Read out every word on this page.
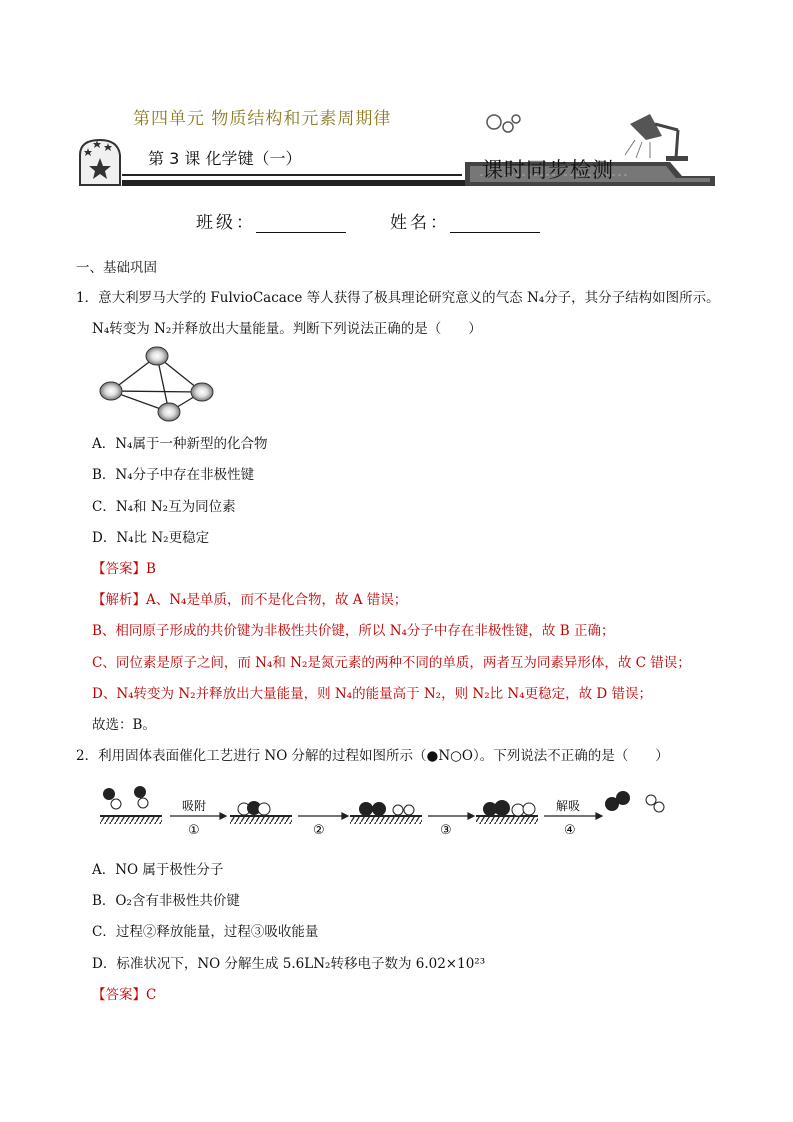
第四单元 物质结构和元素周期律
第 3 课 化学键（一）	课时同步检测
班级：	姓名：
一、基础巩固
1．意大利罗马大学的 FulvioCacace 等人获得了极具理论研究意义的气态 N₄分子，其分子结构如图所示。
N₄转变为 N₂并释放出大量能量。判断下列说法正确的是（　　）
A．N₄属于一种新型的化合物
B．N₄分子中存在非极性键
C．N₄和 N₂互为同位素
D．N₄比 N₂更稳定
【答案】B
【解析】A、N₄是单质，而不是化合物，故 A 错误；
B、相同原子形成的共价键为非极性共价键，所以 N₄分子中存在非极性键，故 B 正确；
C、同位素是原子之间，而 N₄和 N₂是氮元素的两种不同的单质，两者互为同素异形体，故 C 错误；
D、N₄转变为 N₂并释放出大量能量，则 N₄的能量高于 N₂，则 N₂比 N₄更稳定，故 D 错误；
故选：B。
2．利用固体表面催化工艺进行 NO 分解的过程如图所示（●N○O）。下列说法不正确的是（　　）
吸附
①	②	③
解吸
④
A．NO 属于极性分子
B．O₂含有非极性共价键
C．过程②释放能量，过程③吸收能量
D．标准状况下，NO 分解生成 5.6LN₂转移电子数为 6.02×10²³
【答案】C
